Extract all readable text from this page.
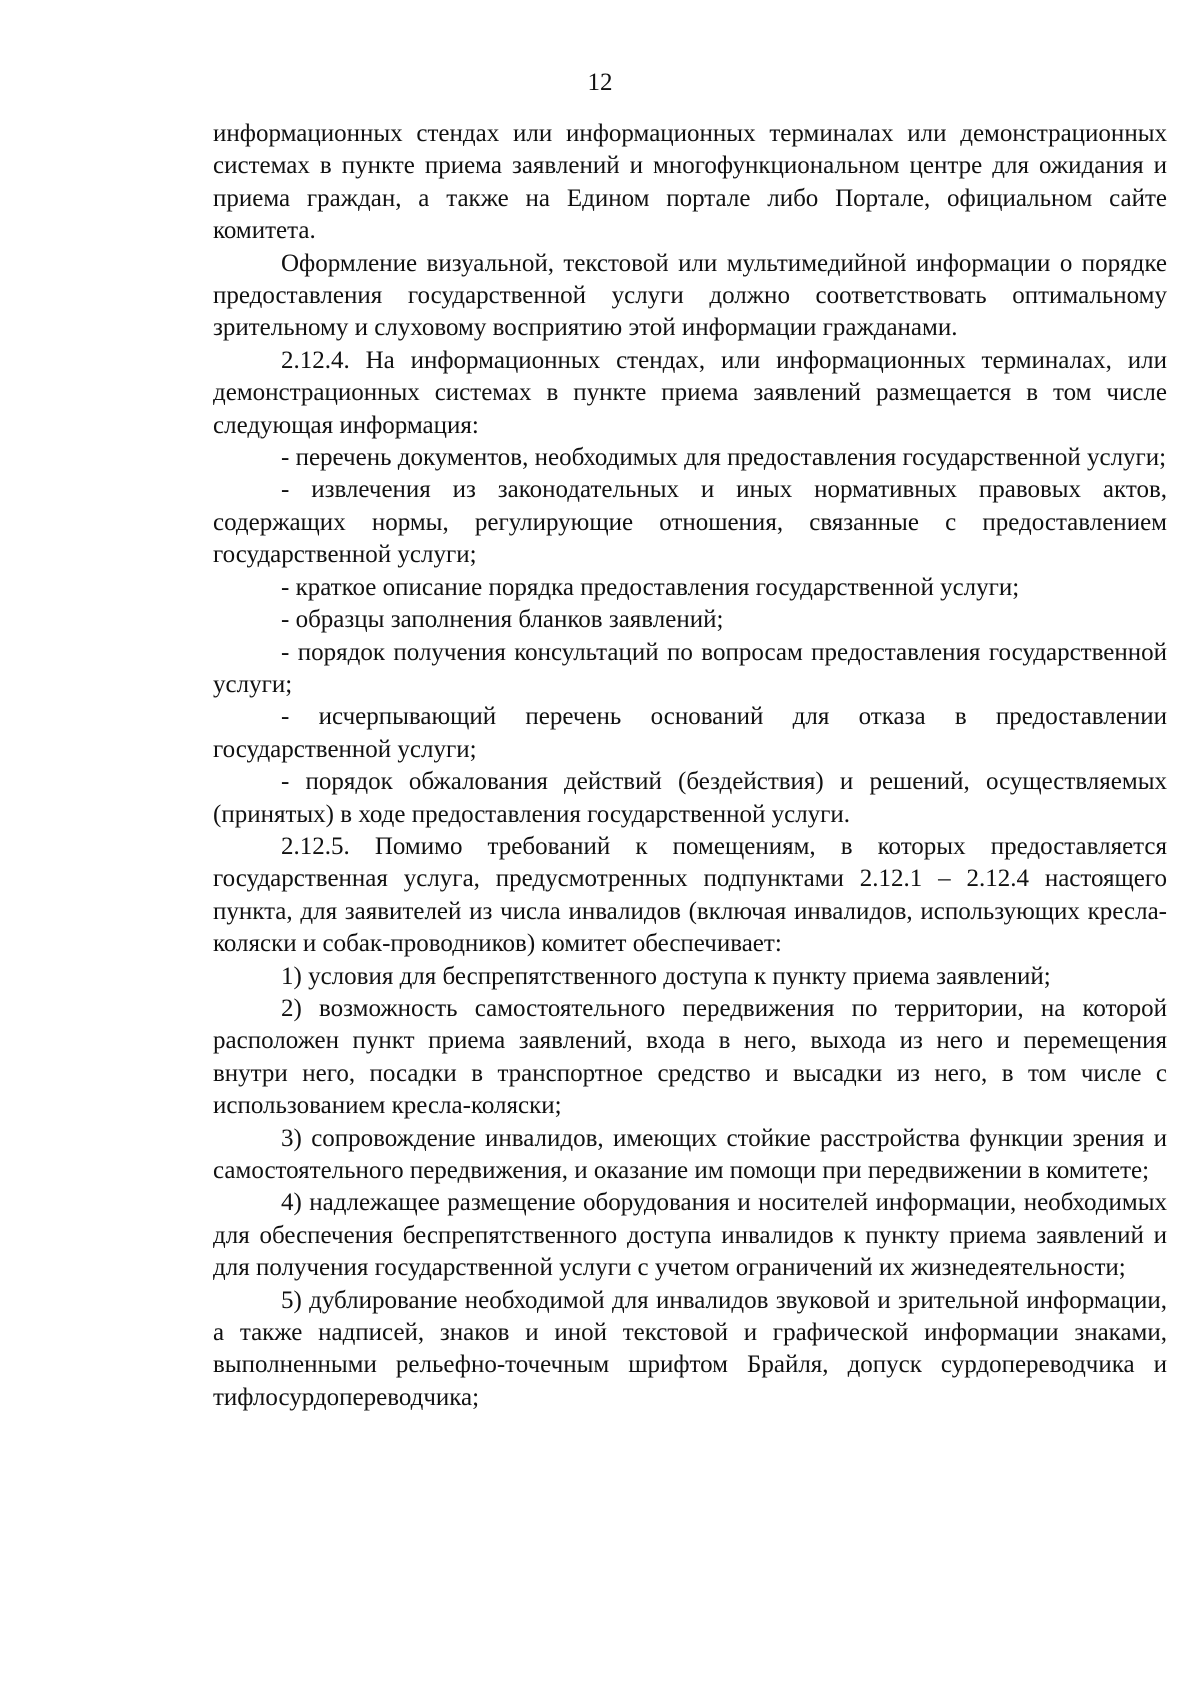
12

информационных стендах или информационных терминалах или демонстрационных системах в пункте приема заявлений и многофункциональном центре для ожидания и приема граждан, а также на Едином портале либо Портале, официальном сайте комитета.

Оформление визуальной, текстовой или мультимедийной информации о порядке предоставления государственной услуги должно соответствовать оптимальному зрительному и слуховому восприятию этой информации гражданами.

2.12.4. На информационных стендах, или информационных терминалах, или демонстрационных системах в пункте приема заявлений размещается в том числе следующая информация:

- перечень документов, необходимых для предоставления государственной услуги;

- извлечения из законодательных и иных нормативных правовых актов, содержащих нормы, регулирующие отношения, связанные с предоставлением государственной услуги;

- краткое описание порядка предоставления государственной услуги;

- образцы заполнения бланков заявлений;

- порядок получения консультаций по вопросам предоставления государственной услуги;

- исчерпывающий перечень оснований для отказа в предоставлении государственной услуги;

- порядок обжалования действий (бездействия) и решений, осуществляемых (принятых) в ходе предоставления государственной услуги.

2.12.5. Помимо требований к помещениям, в которых предоставляется государственная услуга, предусмотренных подпунктами 2.12.1 – 2.12.4 настоящего пункта, для заявителей из числа инвалидов (включая инвалидов, использующих кресла-коляски и собак-проводников) комитет обеспечивает:

1) условия для беспрепятственного доступа к пункту приема заявлений;

2) возможность самостоятельного передвижения по территории, на которой расположен пункт приема заявлений, входа в него, выхода из него и перемещения внутри него, посадки в транспортное средство и высадки из него, в том числе с использованием кресла-коляски;

3) сопровождение инвалидов, имеющих стойкие расстройства функции зрения и самостоятельного передвижения, и оказание им помощи при передвижении в комитете;

4) надлежащее размещение оборудования и носителей информации, необходимых для обеспечения беспрепятственного доступа инвалидов к пункту приема заявлений и для получения государственной услуги с учетом ограничений их жизнедеятельности;

5) дублирование необходимой для инвалидов звуковой и зрительной информации, а также надписей, знаков и иной текстовой и графической информации знаками, выполненными рельефно-точечным шрифтом Брайля, допуск сурдопереводчика и тифлосурдопереводчика;
